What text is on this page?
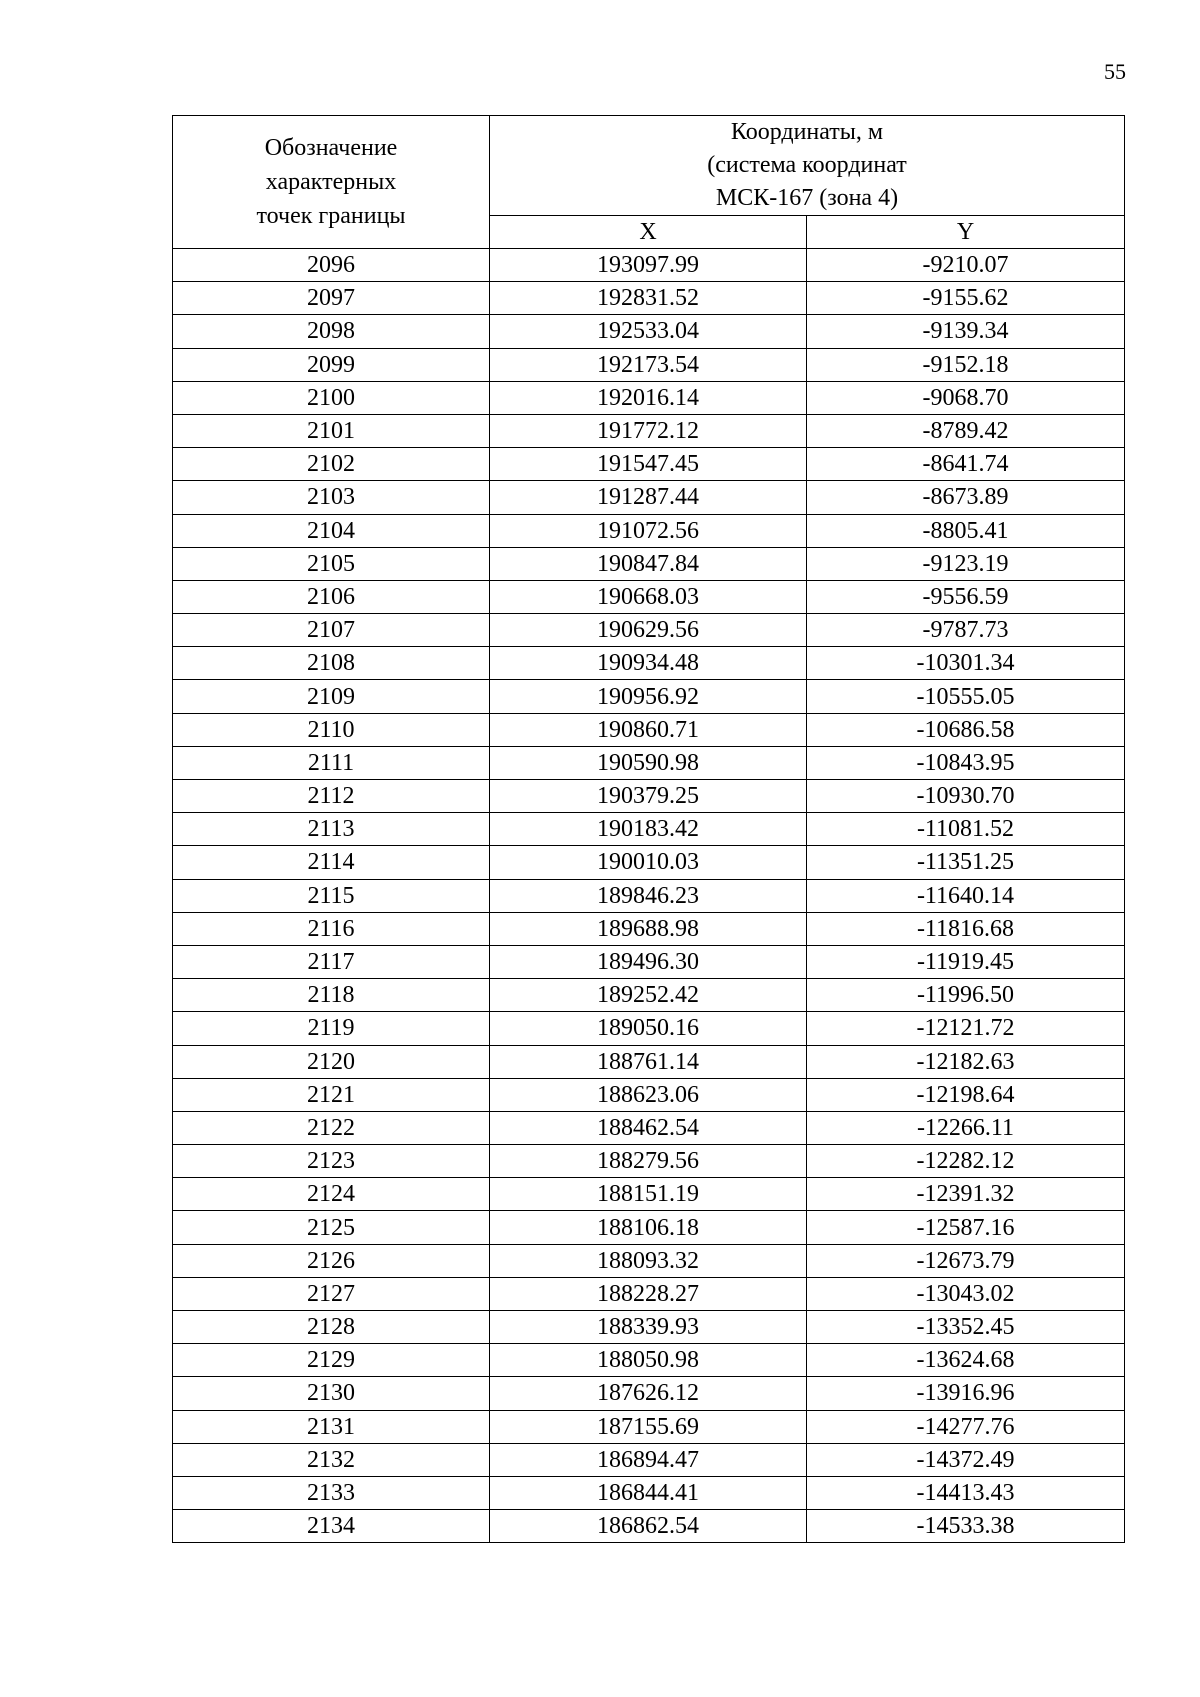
55
Обозначение
характерных
точек границы	Координаты, м
(система координат
МСК-167 (зона 4)	

	X	Y
2096	193097.99	-9210.07
2097	192831.52	-9155.62
2098	192533.04	-9139.34
2099	192173.54	-9152.18
2100	192016.14	-9068.70
2101	191772.12	-8789.42
2102	191547.45	-8641.74
2103	191287.44	-8673.89
2104	191072.56	-8805.41
2105	190847.84	-9123.19
2106	190668.03	-9556.59
2107	190629.56	-9787.73
2108	190934.48	-10301.34
2109	190956.92	-10555.05
2110	190860.71	-10686.58
2111	190590.98	-10843.95
2112	190379.25	-10930.70
2113	190183.42	-11081.52
2114	190010.03	-11351.25
2115	189846.23	-11640.14
2116	189688.98	-11816.68
2117	189496.30	-11919.45
2118	189252.42	-11996.50
2119	189050.16	-12121.72
2120	188761.14	-12182.63
2121	188623.06	-12198.64
2122	188462.54	-12266.11
2123	188279.56	-12282.12
2124	188151.19	-12391.32
2125	188106.18	-12587.16
2126	188093.32	-12673.79
2127	188228.27	-13043.02
2128	188339.93	-13352.45
2129	188050.98	-13624.68
2130	187626.12	-13916.96
2131	187155.69	-14277.76
2132	186894.47	-14372.49
2133	186844.41	-14413.43
2134	186862.54	-14533.38
